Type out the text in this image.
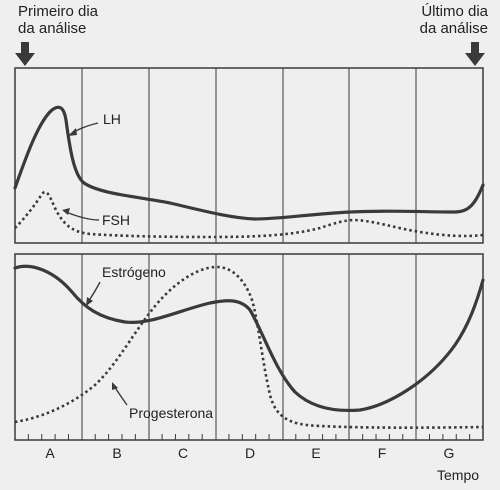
Primeiro dia
da análise
Último dia
da análise
LH
FSH
Estrógeno
Progesterona
A	B	C	D	E	F	G
Tempo
